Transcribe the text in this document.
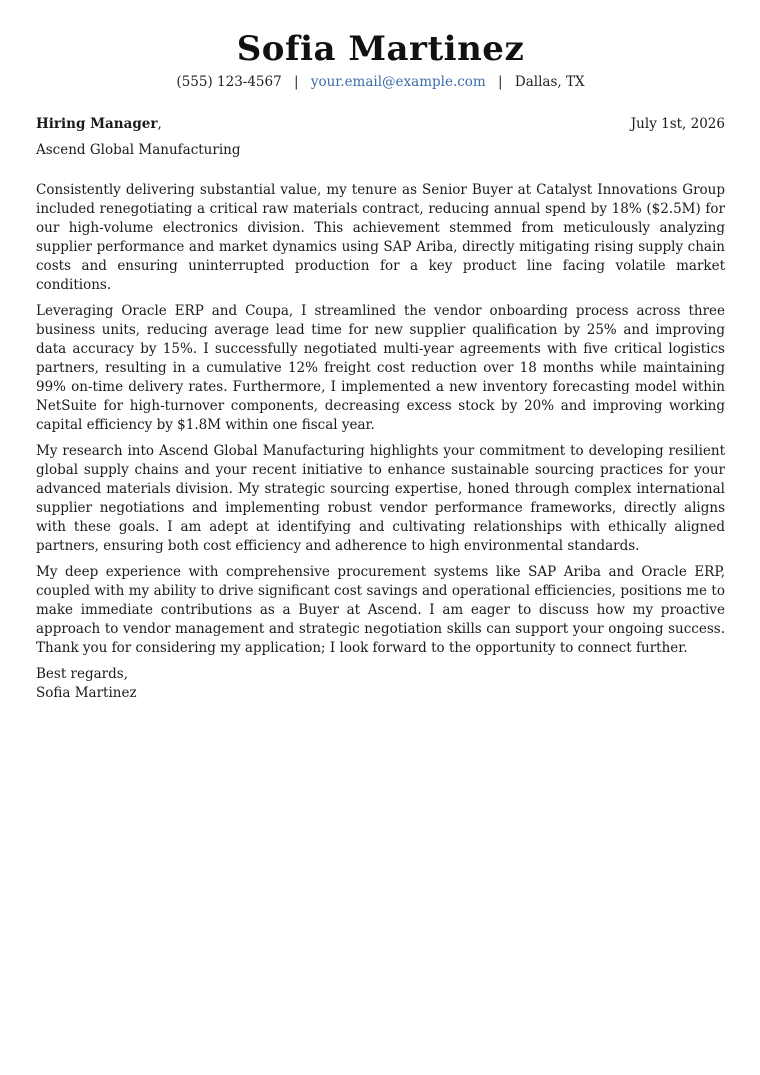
Sofia Martinez
(555) 123-4567 | your.email@example.com | Dallas, TX
Hiring Manager,	July 1st, 2026
Ascend Global Manufacturing

Consistently delivering substantial value, my tenure as Senior Buyer at Catalyst Innovations Group included renegotiating a critical raw materials contract, reducing annual spend by 18% ($2.5M) for our high-volume electronics division. This achievement stemmed from meticulously analyzing supplier performance and market dynamics using SAP Ariba, directly mitigating rising supply chain costs and ensuring uninterrupted production for a key product line facing volatile market conditions.

Leveraging Oracle ERP and Coupa, I streamlined the vendor onboarding process across three business units, reducing average lead time for new supplier qualification by 25% and improving data accuracy by 15%. I successfully negotiated multi-year agreements with five critical logistics partners, resulting in a cumulative 12% freight cost reduction over 18 months while maintaining 99% on-time delivery rates. Furthermore, I implemented a new inventory forecasting model within NetSuite for high-turnover components, decreasing excess stock by 20% and improving working capital efficiency by $1.8M within one fiscal year.

My research into Ascend Global Manufacturing highlights your commitment to developing resilient global supply chains and your recent initiative to enhance sustainable sourcing practices for your advanced materials division. My strategic sourcing expertise, honed through complex international supplier negotiations and implementing robust vendor performance frameworks, directly aligns with these goals. I am adept at identifying and cultivating relationships with ethically aligned partners, ensuring both cost efficiency and adherence to high environmental standards.

My deep experience with comprehensive procurement systems like SAP Ariba and Oracle ERP, coupled with my ability to drive significant cost savings and operational efficiencies, positions me to make immediate contributions as a Buyer at Ascend. I am eager to discuss how my proactive approach to vendor management and strategic negotiation skills can support your ongoing success. Thank you for considering my application; I look forward to the opportunity to connect further.

Best regards,
Sofia Martinez
